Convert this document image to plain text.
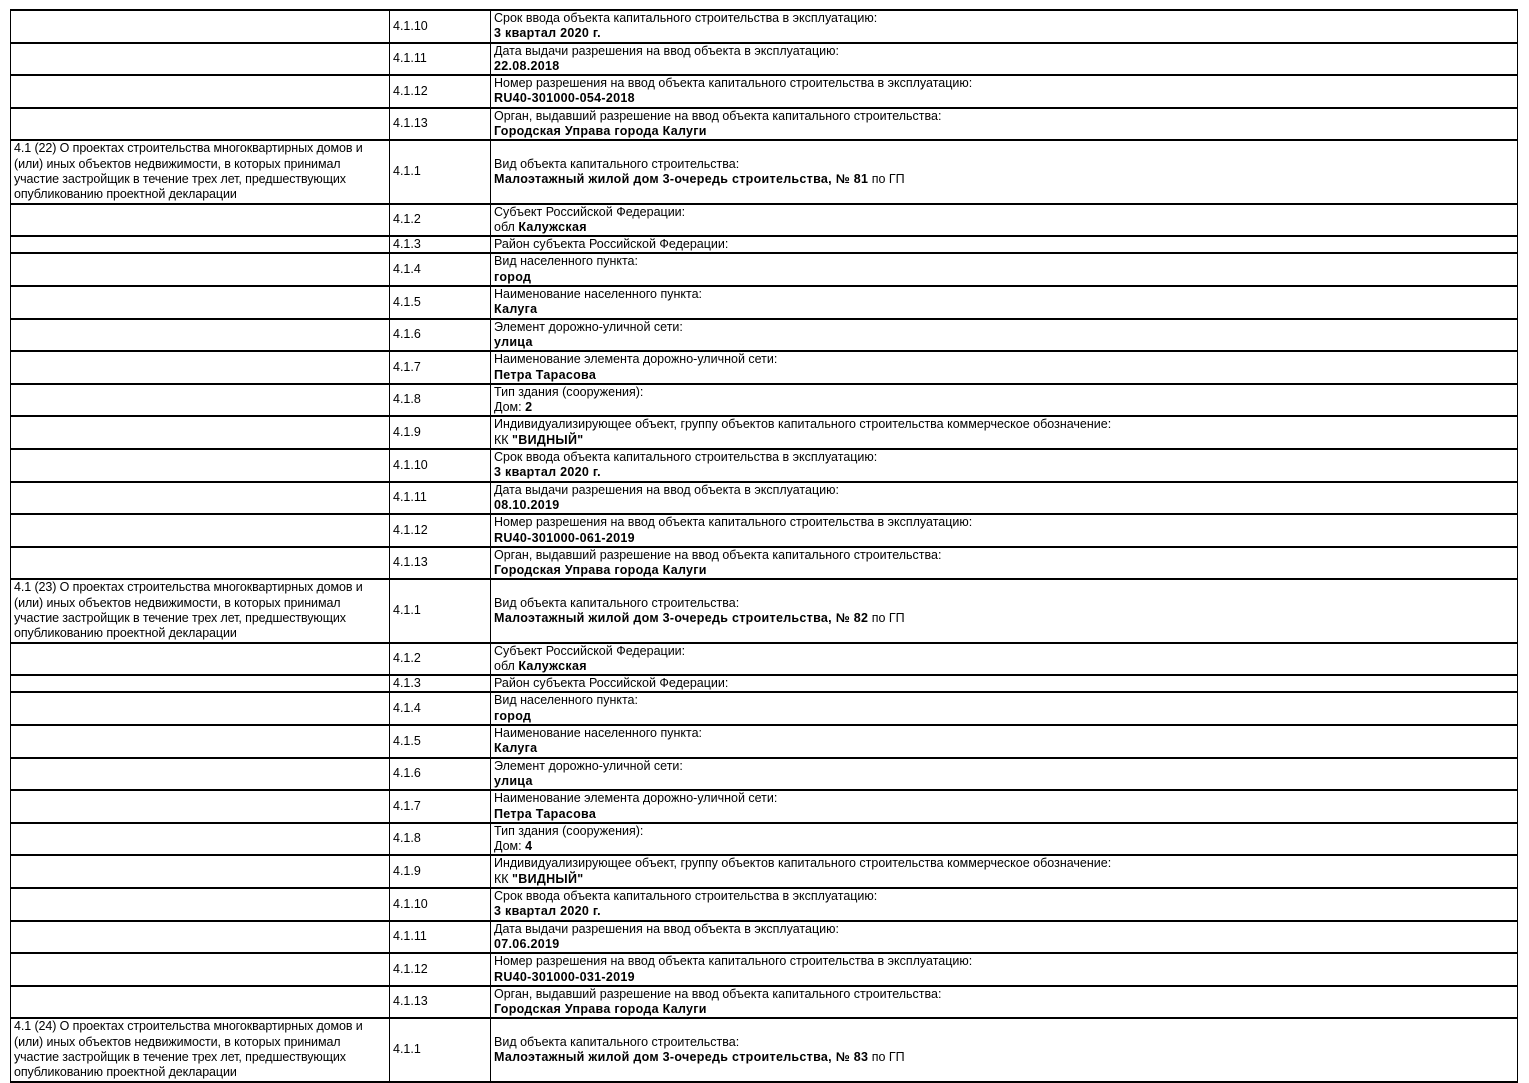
	4.1.10	Срок ввода объекта капитального строительства в эксплуатацию:
3 квартал 2020 г.

	4.1.11	Дата выдачи разрешения на ввод объекта в эксплуатацию:
22.08.2018

	4.1.12	Номер разрешения на ввод объекта капитального строительства в эксплуатацию:
RU40-301000-054-2018

	4.1.13	Орган, выдавший разрешение на ввод объекта капитального строительства:
Городская Управа города Калуги

4.1 (22) О проектах строительства многоквартирных домов и (или) иных объектов недвижимости, в которых принимал участие застройщик в течение трех лет, предшествующих опубликованию проектной декларации	4.1.1	Вид объекта капитального строительства:
Малоэтажный жилой дом 3-очередь строительства, № 81 по ГП

	4.1.2	Субъект Российской Федерации:
обл Калужская

	4.1.3	Район субъекта Российской Федерации:

	4.1.4	Вид населенного пункта:
город

	4.1.5	Наименование населенного пункта:
Калуга

	4.1.6	Элемент дорожно-уличной сети:
улица

	4.1.7	Наименование элемента дорожно-уличной сети:
Петра Тарасова

	4.1.8	Тип здания (сооружения):
Дом: 2

	4.1.9	Индивидуализирующее объект, группу объектов капитального строительства коммерческое обозначение:
КК "ВИДНЫЙ"

	4.1.10	Срок ввода объекта капитального строительства в эксплуатацию:
3 квартал 2020 г.

	4.1.11	Дата выдачи разрешения на ввод объекта в эксплуатацию:
08.10.2019

	4.1.12	Номер разрешения на ввод объекта капитального строительства в эксплуатацию:
RU40-301000-061-2019

	4.1.13	Орган, выдавший разрешение на ввод объекта капитального строительства:
Городская Управа города Калуги

4.1 (23) О проектах строительства многоквартирных домов и (или) иных объектов недвижимости, в которых принимал участие застройщик в течение трех лет, предшествующих опубликованию проектной декларации	4.1.1	Вид объекта капитального строительства:
Малоэтажный жилой дом 3-очередь строительства, № 82 по ГП

	4.1.2	Субъект Российской Федерации:
обл Калужская

	4.1.3	Район субъекта Российской Федерации:

	4.1.4	Вид населенного пункта:
город

	4.1.5	Наименование населенного пункта:
Калуга

	4.1.6	Элемент дорожно-уличной сети:
улица

	4.1.7	Наименование элемента дорожно-уличной сети:
Петра Тарасова

	4.1.8	Тип здания (сооружения):
Дом: 4

	4.1.9	Индивидуализирующее объект, группу объектов капитального строительства коммерческое обозначение:
КК "ВИДНЫЙ"

	4.1.10	Срок ввода объекта капитального строительства в эксплуатацию:
3 квартал 2020 г.

	4.1.11	Дата выдачи разрешения на ввод объекта в эксплуатацию:
07.06.2019

	4.1.12	Номер разрешения на ввод объекта капитального строительства в эксплуатацию:
RU40-301000-031-2019

	4.1.13	Орган, выдавший разрешение на ввод объекта капитального строительства:
Городская Управа города Калуги

4.1 (24) О проектах строительства многоквартирных домов и (или) иных объектов недвижимости, в которых принимал участие застройщик в течение трех лет, предшествующих опубликованию проектной декларации	4.1.1	Вид объекта капитального строительства:
Малоэтажный жилой дом 3-очередь строительства, № 83 по ГП
